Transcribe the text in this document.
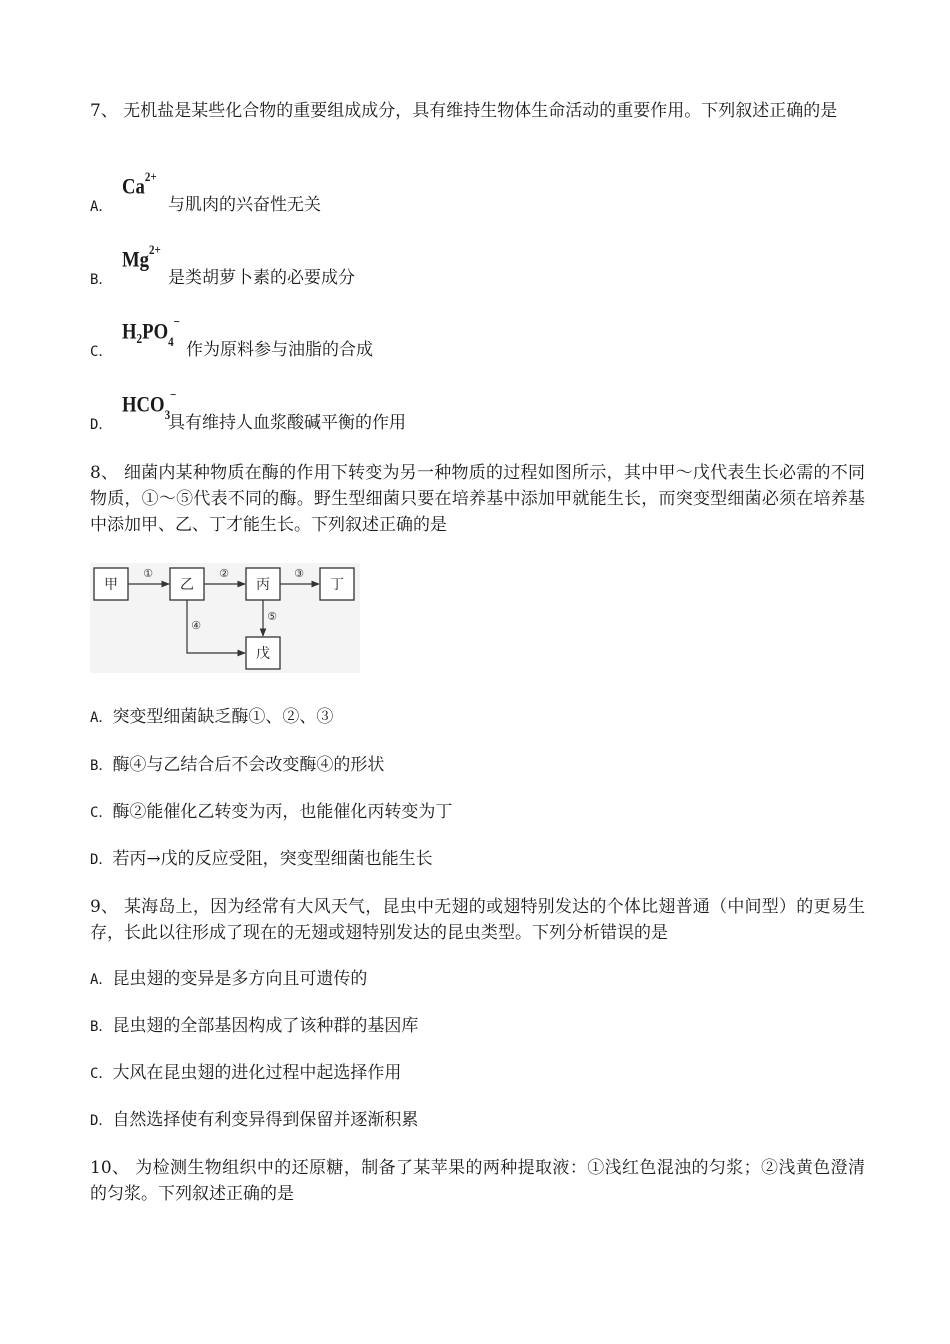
7、 无机盐是某些化合物的重要组成成分，具有维持生物体生命活动的重要作用。下列叙述正确的是

A．
$Ca^{2+}$
与肌肉的兴奋性无关
B．
$Mg^{2+}$
是类胡萝卜素的必要成分
C．
$H_2PO_4^-$
作为原料参与油脂的合成
D．
$HCO_3^-$
具有维持人血浆酸碱平衡的作用

8、 细菌内某种物质在酶的作用下转变为另一种物质的过程如图所示，其中甲～戊代表生长必需的不同物质，①～⑤代表不同的酶。野生型细菌只要在培养基中添加甲就能生长，而突变型细菌必须在培养基中添加甲、乙、丁才能生长。下列叙述正确的是

甲	乙	丙	丁
戊
①	②	③
④
⑤

A．突变型细菌缺乏酶①、②、③

B．酶④与乙结合后不会改变酶④的形状

C．酶②能催化乙转变为丙，也能催化丙转变为丁

D．若丙→戊的反应受阻，突变型细菌也能生长

9、 某海岛上，因为经常有大风天气，昆虫中无翅的或翅特别发达的个体比翅普通（中间型）的更易生存，长此以往形成了现在的无翅或翅特别发达的昆虫类型。下列分析错误的是

A．昆虫翅的变异是多方向且可遗传的

B．昆虫翅的全部基因构成了该种群的基因库

C．大风在昆虫翅的进化过程中起选择作用

D．自然选择使有利变异得到保留并逐渐积累

10、 为检测生物组织中的还原糖，制备了某苹果的两种提取液：①浅红色混浊的匀浆；②浅黄色澄清的匀浆。下列叙述正确的是
